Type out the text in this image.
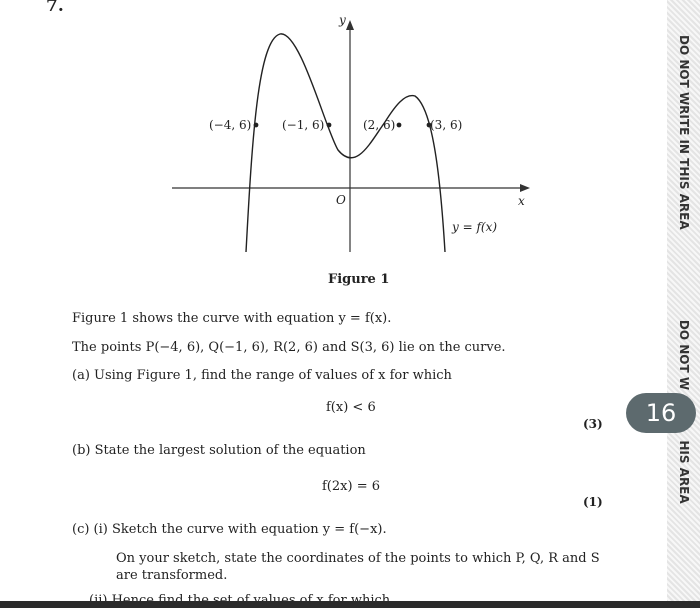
7.
y
x
O
(−4, 6)	(−1, 6)	(2, 6)	(3, 6)
y = f(x)
Figure 1
Figure 1 shows the curve with equation y = f(x).
The points P(−4, 6), Q(−1, 6), R(2, 6) and S(3, 6) lie on the curve.
(a) Using Figure 1, find the range of values of x for which
f(x) < 6
(3)
(b) State the largest solution of the equation
f(2x) = 6
(1)
(c) (i) Sketch the curve with equation y = f(−x).
On your sketch, state the coordinates of the points to which P, Q, R and S
are transformed.
DO NOT WRITE IN THIS AREA
DO NOT W
HIS AREA
16
